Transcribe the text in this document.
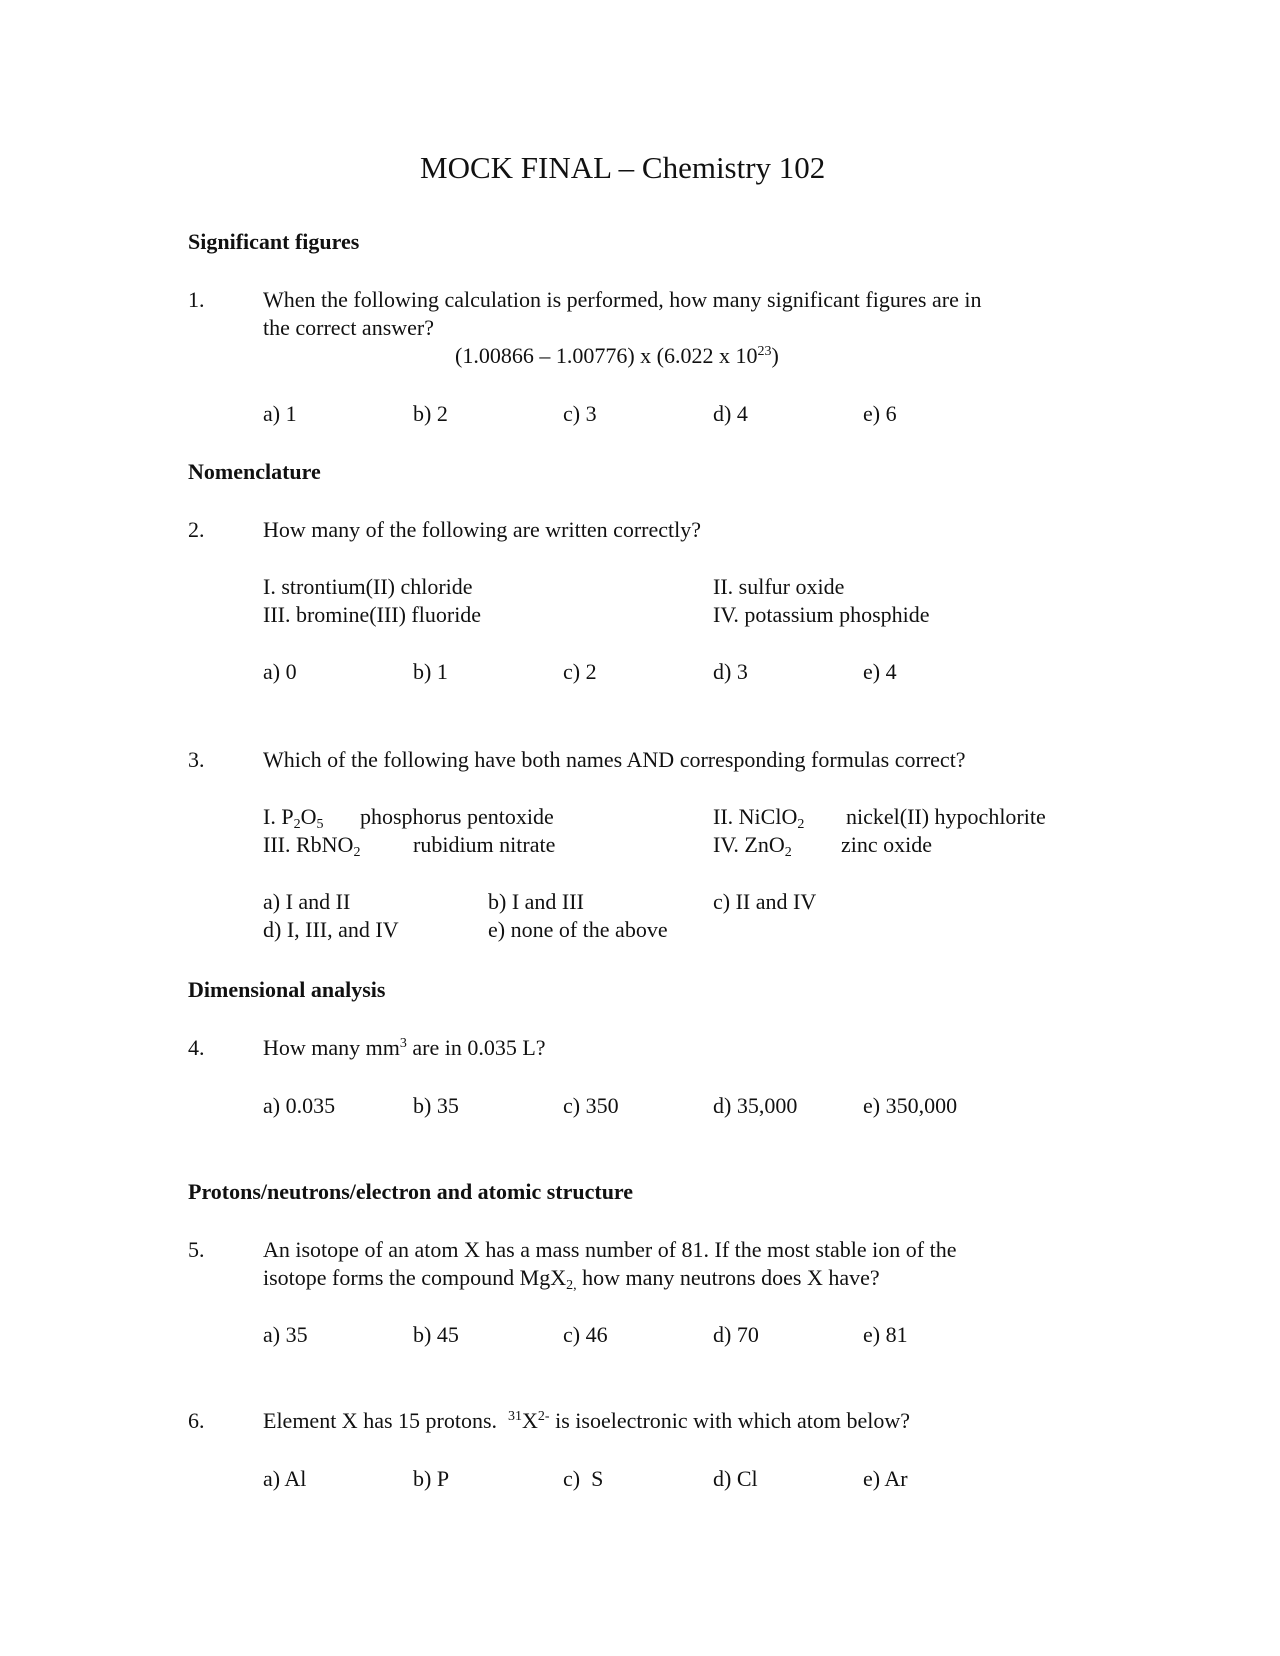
MOCK FINAL – Chemistry 102
Significant figures
1.	When the following calculation is performed, how many significant figures are in
the correct answer?
(1.00866 – 1.00776) x (6.022 x $10^{23}$)
a) 1	b) 2	c) 3	d) 4	e) 6
Nomenclature
2.	How many of the following are written correctly?
I. strontium(II) chloride	II. sulfur oxide
III. bromine(III) fluoride	IV. potassium phosphide
a) 0	b) 1	c) 2	d) 3	e) 4
3.	Which of the following have both names AND corresponding formulas correct?
I. $P_2O_5$ phosphorus pentoxide	II. NiClO$_2$ nickel(II) hypochlorite
III. RbNO$_2$ rubidium nitrate	IV. ZnO$_2$ zinc oxide
a) I and II	b) I and III	c) II and IV
d) I, III, and IV	e) none of the above
Dimensional analysis
4.	How many $mm^3$ are in 0.035 L?
a) 0.035	b) 35	c) 350	d) 35,000	e) 350,000
Protons/neutrons/electron and atomic structure
5.	An isotope of an atom X has a mass number of 81. If the most stable ion of the
isotope forms the compound MgX$_{2,}$ how many neutrons does X have?
a) 35	b) 45	c) 46	d) 70	e) 81
6.	Element X has 15 protons.  $^{31}X^{2-}$ is isoelectronic with which atom below?
a) Al	b) P	c)  S	d) Cl	e) Ar
